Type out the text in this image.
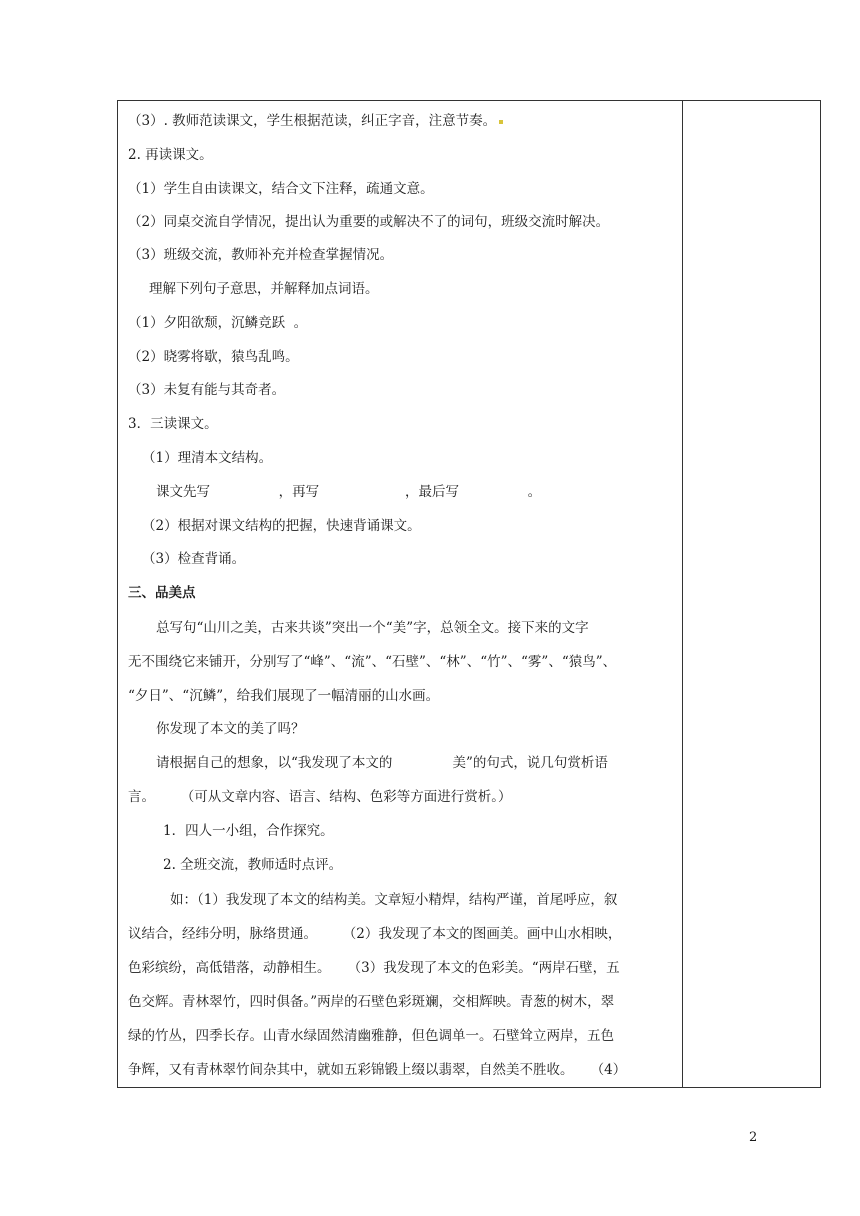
（3）. 教师范读课文，学生根据范读，纠正字音，注意节奏。
2. 再读课文。
（1）学生自由读课文，结合文下注释，疏通文意。
（2）同桌交流自学情况，提出认为重要的或解决不了的词句，班级交流时解决。
（3）班级交流，教师补充并检查掌握情况。
理解下列句子意思，并解释加点词语。
（1）夕阳欲颓，沉鳞竞跃  。
（2）晓雾将歇，猿鸟乱鸣。
（3）未复有能与其奇者。
3．三读课文。
（1）理清本文结构。
课文先写                ，再写                    ，最后写                。
（2）根据对课文结构的把握，快速背诵课文。
（3）检查背诵。
三、品美点
总写句“山川之美，古来共谈”突出一个“美”字，总领全文。接下来的文字
无不围绕它来铺开，分别写了“峰”、“流”、“石壁”、“林”、“竹”、“雾”、“猿鸟”、
“夕日”、“沉鳞”，给我们展现了一幅清丽的山水画。
你发现了本文的美了吗？
请根据自己的想象，以“我发现了本文的              美”的句式，说几句赏析语
言。      （可从文章内容、语言、结构、色彩等方面进行赏析。）
1．四人一小组，合作探究。
2. 全班交流，教师适时点评。
如：（1）我发现了本文的结构美。文章短小精焊，结构严谨，首尾呼应，叙
议结合，经纬分明，脉络贯通。      （2）我发现了本文的图画美。画中山水相映，
色彩缤纷，高低错落，动静相生。    （3）我发现了本文的色彩美。“两岸石壁，五
色交辉。青林翠竹，四时俱备。”两岸的石壁色彩斑斓，交相辉映。青葱的树木，翠
绿的竹丛，四季长存。山青水绿固然清幽雅静，但色调单一。石壁耸立两岸，五色
争辉，又有青林翠竹间杂其中，就如五彩锦锻上缀以翡翠，自然美不胜收。    （4）
2
